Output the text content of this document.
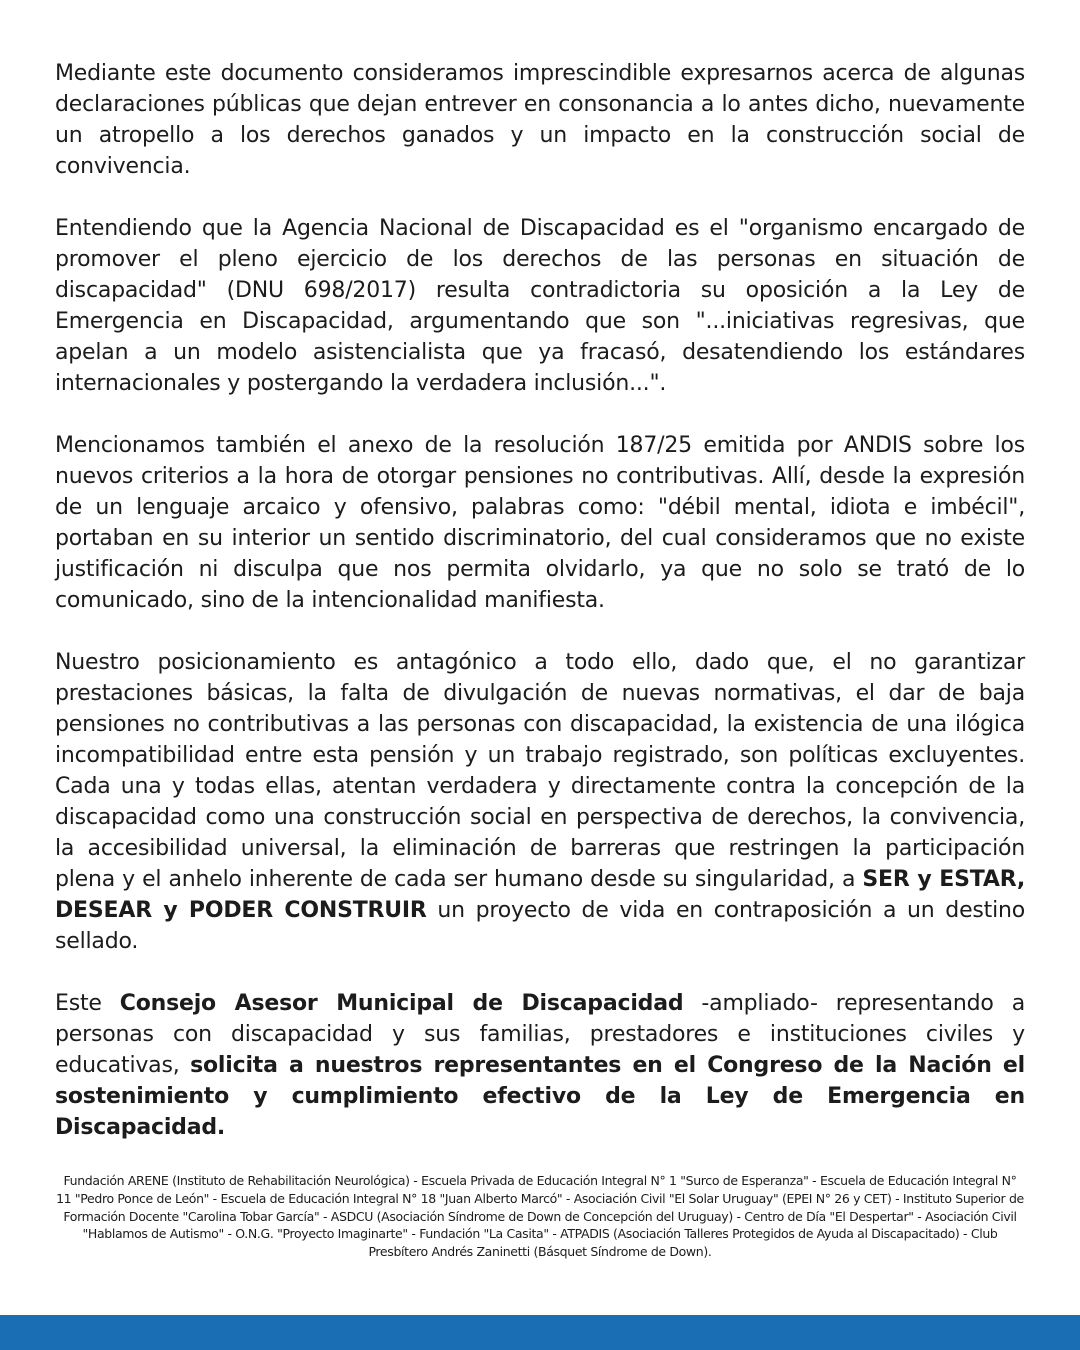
Mediante este documento consideramos imprescindible expresarnos acerca de algunas declaraciones públicas que dejan entrever en consonancia a lo antes dicho, nuevamente un atropello a los derechos ganados y un impacto en la construcción social de convivencia.

Entendiendo que la Agencia Nacional de Discapacidad es el "organismo encargado de promover el pleno ejercicio de los derechos de las personas en situación de discapacidad" (DNU 698/2017) resulta contradictoria su oposición a la Ley de Emergencia en Discapacidad, argumentando que son "...iniciativas regresivas, que apelan a un modelo asistencialista que ya fracasó, desatendiendo los estándares internacionales y postergando la verdadera inclusión...".

Mencionamos también el anexo de la resolución 187/25 emitida por ANDIS sobre los nuevos criterios a la hora de otorgar pensiones no contributivas. Allí, desde la expresión de un lenguaje arcaico y ofensivo, palabras como: "débil mental, idiota e imbécil", portaban en su interior un sentido discriminatorio, del cual consideramos que no existe justificación ni disculpa que nos permita olvidarlo, ya que no solo se trató de lo comunicado, sino de la intencionalidad manifiesta.

Nuestro posicionamiento es antagónico a todo ello, dado que, el no garantizar prestaciones básicas, la falta de divulgación de nuevas normativas, el dar de baja pensiones no contributivas a las personas con discapacidad, la existencia de una ilógica incompatibilidad entre esta pensión y un trabajo registrado, son políticas excluyentes. Cada una y todas ellas, atentan verdadera y directamente contra la concepción de la discapacidad como una construcción social en perspectiva de derechos, la convivencia, la accesibilidad universal, la eliminación de barreras que restringen la participación plena y el anhelo inherente de cada ser humano desde su singularidad, a SER y ESTAR, DESEAR y PODER CONSTRUIR un proyecto de vida en contraposición a un destino sellado.

Este Consejo Asesor Municipal de Discapacidad -ampliado- representando a personas con discapacidad y sus familias, prestadores e instituciones civiles y educativas, solicita a nuestros representantes en el Congreso de la Nación el sostenimiento y cumplimiento efectivo de la Ley de Emergencia en Discapacidad.

Fundación ARENE (Instituto de Rehabilitación Neurológica) - Escuela Privada de Educación Integral N° 1 "Surco de Esperanza" - Escuela de Educación Integral N° 11 "Pedro Ponce de León" - Escuela de Educación Integral N° 18 "Juan Alberto Marcó" - Asociación Civil "El Solar Uruguay" (EPEI N° 26 y CET) - Instituto Superior de Formación Docente "Carolina Tobar García" - ASDCU (Asociación Síndrome de Down de Concepción del Uruguay) - Centro de Día "El Despertar" - Asociación Civil "Hablamos de Autismo" - O.N.G. "Proyecto Imaginarte" - Fundación "La Casita" - ATPADIS (Asociación Talleres Protegidos de Ayuda al Discapacitado) - Club Presbítero Andrés Zaninetti (Básquet Síndrome de Down).
